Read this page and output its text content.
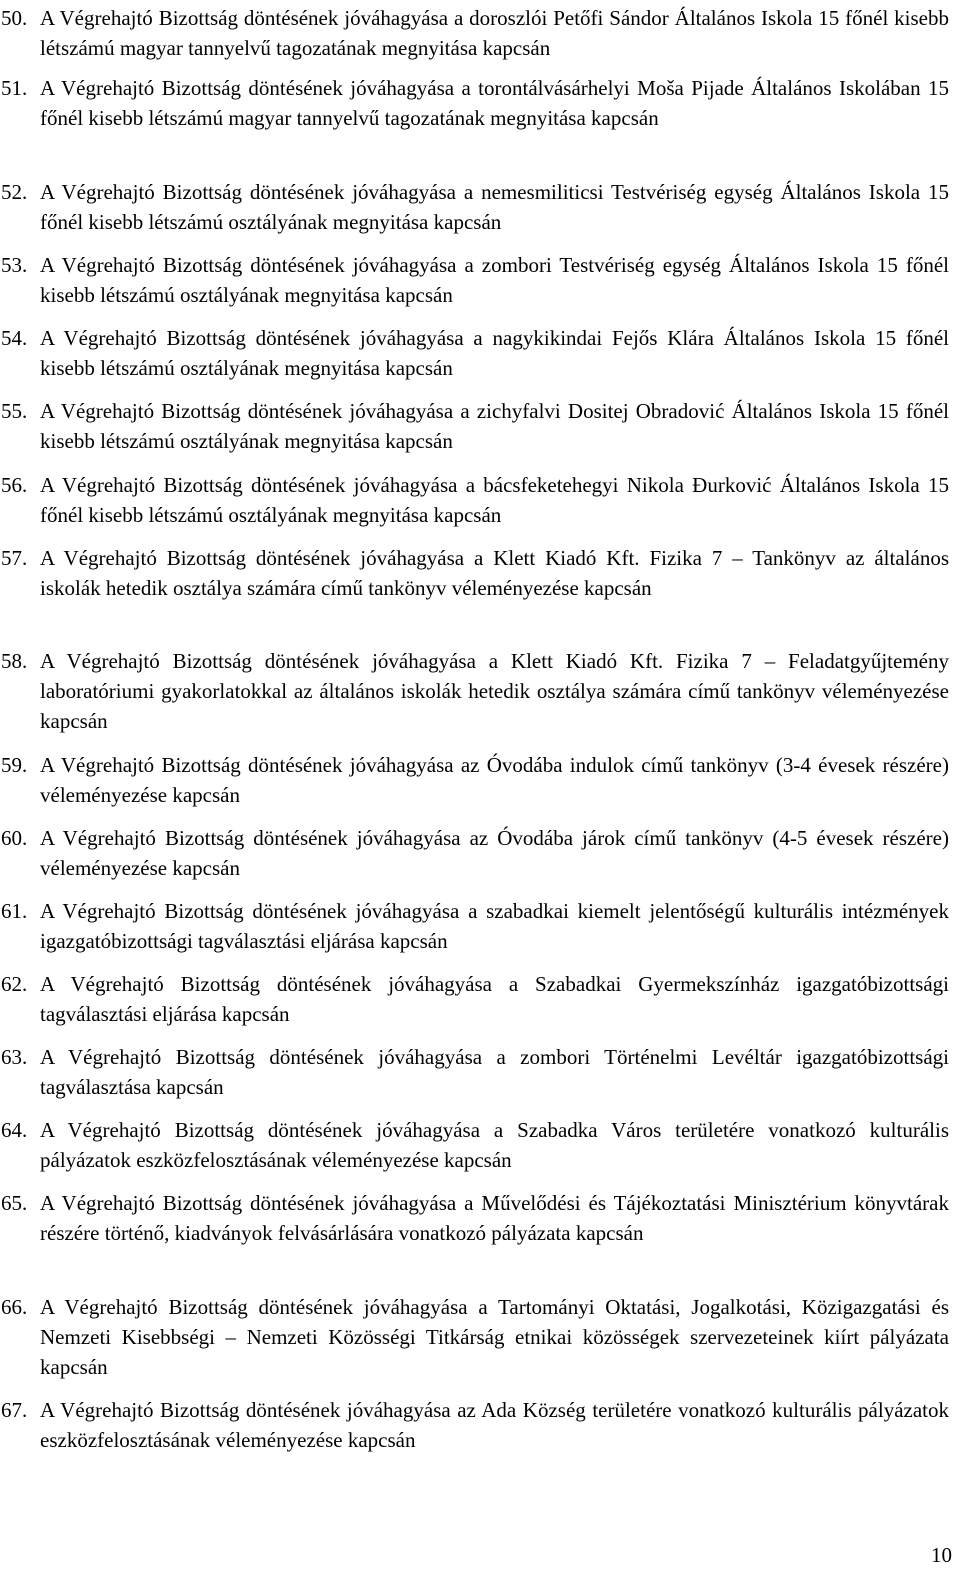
50. A Végrehajtó Bizottság döntésének jóváhagyása a doroszlói Petőfi Sándor Általános Iskola 15 főnél kisebb létszámú magyar tannyelvű tagozatának megnyitása kapcsán
51. A Végrehajtó Bizottság döntésének jóváhagyása a torontálvásárhelyi Moša Pijade Általános Iskolában 15 főnél kisebb létszámú magyar tannyelvű tagozatának megnyitása kapcsán
52. A Végrehajtó Bizottság döntésének jóváhagyása a nemesmiliticsi Testvériség egység Általános Iskola 15 főnél kisebb létszámú osztályának megnyitása kapcsán
53. A Végrehajtó Bizottság döntésének jóváhagyása a zombori Testvériség egység Általános Iskola 15 főnél kisebb létszámú osztályának megnyitása kapcsán
54. A Végrehajtó Bizottság döntésének jóváhagyása a nagykikindai Fejős Klára Általános Iskola 15 főnél kisebb létszámú osztályának megnyitása kapcsán
55. A Végrehajtó Bizottság döntésének jóváhagyása a zichyfalvi Dositej Obradović Általános Iskola 15 főnél kisebb létszámú osztályának megnyitása kapcsán
56. A Végrehajtó Bizottság döntésének jóváhagyása a bácsfeketehegyi Nikola Đurković Általános Iskola 15 főnél kisebb létszámú osztályának megnyitása kapcsán
57. A Végrehajtó Bizottság döntésének jóváhagyása a Klett Kiadó Kft. Fizika 7 – Tankönyv az általános iskolák hetedik osztálya számára című tankönyv véleményezése kapcsán
58. A Végrehajtó Bizottság döntésének jóváhagyása a Klett Kiadó Kft. Fizika 7 – Feladatgyűjtemény laboratóriumi gyakorlatokkal az általános iskolák hetedik osztálya számára című tankönyv véleményezése kapcsán
59. A Végrehajtó Bizottság döntésének jóváhagyása az Óvodába indulok című tankönyv (3-4 évesek részére) véleményezése kapcsán
60. A Végrehajtó Bizottság döntésének jóváhagyása az Óvodába járok című tankönyv (4-5 évesek részére) véleményezése kapcsán
61. A Végrehajtó Bizottság döntésének jóváhagyása a szabadkai kiemelt jelentőségű kulturális intézmények igazgatóbizottsági tagválasztási eljárása kapcsán
62. A Végrehajtó Bizottság döntésének jóváhagyása a Szabadkai Gyermekszínház igazgatóbizottsági tagválasztási eljárása kapcsán
63. A Végrehajtó Bizottság döntésének jóváhagyása a zombori Történelmi Levéltár igazgatóbizottsági tagválasztása kapcsán
64. A Végrehajtó Bizottság döntésének jóváhagyása a Szabadka Város területére vonatkozó kulturális pályázatok eszközfelosztásának véleményezése kapcsán
65. A Végrehajtó Bizottság döntésének jóváhagyása a Művelődési és Tájékoztatási Minisztérium könyvtárak részére történő, kiadványok felvásárlására vonatkozó pályázata kapcsán
66. A Végrehajtó Bizottság döntésének jóváhagyása a Tartományi Oktatási, Jogalkotási, Közigazgatási és Nemzeti Kisebbségi – Nemzeti Közösségi Titkárság etnikai közösségek szervezeteinek kiírt pályázata kapcsán
67. A Végrehajtó Bizottság döntésének jóváhagyása az Ada Község területére vonatkozó kulturális pályázatok eszközfelosztásának véleményezése kapcsán
10
